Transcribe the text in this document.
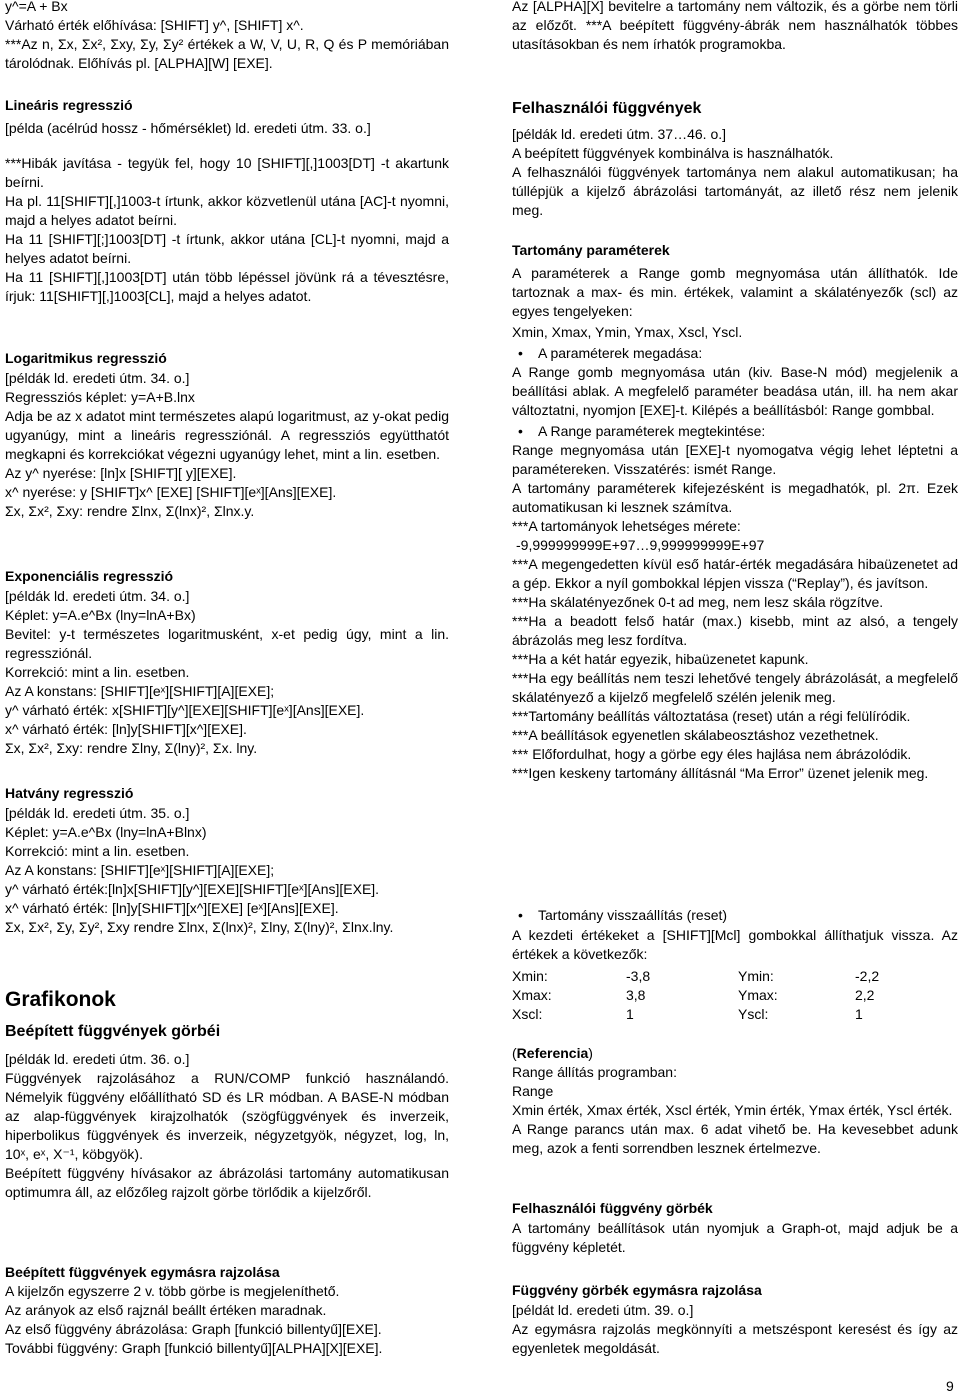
y^=A + Bx

Várható érték előhívása: [SHIFT] y^, [SHIFT] x^.

***Az n, Σx, Σx², Σxy, Σy, Σy² értékek a W, V, U, R, Q és P memóriában tárolódnak. Előhívás pl. [ALPHA][W] [EXE].

Lineáris regresszió

[példa (acélrúd hossz - hőmérséklet) ld. eredeti útm. 33. o.]

***Hibák javítása - tegyük fel, hogy 10 [SHIFT][,]1003[DT] -t akartunk beírni.

Ha pl. 11[SHIFT][,]1003-t írtunk, akkor közvetlenül utána [AC]-t nyomni, majd a helyes adatot beírni.

Ha 11 [SHIFT][;]1003[DT] -t írtunk, akkor utána [CL]-t nyomni, majd a helyes adatot beírni.

Ha 11 [SHIFT][,]1003[DT] után több lépéssel jövünk rá a tévesztésre, írjuk: 11[SHIFT][,]1003[CL], majd a helyes adatot.

Logaritmikus regresszió

[példák ld. eredeti útm. 34. o.]

Regressziós képlet: y=A+B.lnx

Adja be az x adatot mint természetes alapú logaritmust, az y-okat pedig ugyanúgy, mint a lineáris regressziónál. A regressziós együtthatót megkapni és korrekciókat végezni ugyanúgy lehet, mint a lin. esetben.

Az y^ nyerése: [ln]x [SHIFT][ y][EXE].

x^ nyerése: y [SHIFT]x^ [EXE] [SHIFT][eˣ][Ans][EXE].

Σx, Σx², Σxy: rendre Σlnx, Σ(lnx)², Σlnx.y.

Exponenciális regresszió

[példák ld. eredeti útm. 34. o.]

Képlet: y=A.e^Bx (lny=lnA+Bx)

Bevitel: y-t természetes logaritmusként, x-et pedig úgy, mint a lin. regressziónál.

Korrekció: mint a lin. esetben.

Az A konstans: [SHIFT][eˣ][SHIFT][A][EXE];

y^ várható érték: x[SHIFT][y^][EXE][SHIFT][eˣ][Ans][EXE].

x^ várható érték: [ln]y[SHIFT][x^][EXE].

Σx, Σx², Σxy: rendre Σlny, Σ(lny)², Σx. lny.

Hatvány regresszió

[példák ld. eredeti útm. 35. o.]

Képlet: y=A.e^Bx (lny=lnA+Blnx)

Korrekció: mint a lin. esetben.

Az A konstans: [SHIFT][eˣ][SHIFT][A][EXE];

y^ várható érték:[ln]x[SHIFT][y^][EXE][SHIFT][eˣ][Ans][EXE].

x^ várható érték: [ln]y[SHIFT][x^][EXE] [eˣ][Ans][EXE].

Σx, Σx², Σy, Σy², Σxy rendre Σlnx, Σ(lnx)², Σlny, Σ(lny)², Σlnx.lny.

Grafikonok

Beépített függvények görbéi

[példák ld. eredeti útm. 36. o.]

Függvények rajzolásához a RUN/COMP funkció használandó. Némelyik függvény előállítható SD és LR módban. A BASE-N módban az alap-függvények kirajzolhatók (szögfüggvények és inverzeik, hiperbolikus függvények és inverzeik, négyzetgyök, négyzet, log, ln, 10ˣ, eˣ, X⁻¹, köbgyök).

Beépített függvény hívásakor az ábrázolási tartomány automatikusan optimumra áll, az előzőleg rajzolt görbe törlődik a kijelzőről.

Beépített függvények egymásra rajzolása

A kijelzőn egyszerre 2 v. több görbe is megjeleníthető.

Az arányok az első rajznál beállt értéken maradnak.

Az első függvény ábrázolása: Graph [funkció billentyű][EXE].

További függvény: Graph [funkció billentyű][ALPHA][X][EXE].

Az [ALPHA][X] bevitelre a tartomány nem változik, és a görbe nem törli az előzőt. ***A beépített függvény-ábrák nem használhatók többes utasításokban és nem írhatók programokba.

Felhasználói függvények

[példák ld. eredeti útm. 37…46. o.]

A beépített függvények kombinálva is használhatók.

A felhasználói függvények tartománya nem alakul automatikusan; ha túllépjük a kijelző ábrázolási tartományát, az illető rész nem jelenik meg.

Tartomány paraméterek

A paraméterek a Range gomb megnyomása után állíthatók. Ide tartoznak a max- és min. értékek, valamint a skálatényezők (scl) az egyes tengelyeken:

Xmin, Xmax, Ymin, Ymax, Xscl, Yscl.

• A paraméterek megadása:

A Range gomb megnyomása után (kiv. Base-N mód) megjelenik a beállítási ablak. A megfelelő paraméter beadása után, ill. ha nem akar változtatni, nyomjon [EXE]-t. Kilépés a beállításból: Range gombbal.

• A Range paraméterek megtekintése:

Range megnyomása után [EXE]-t nyomogatva végig lehet léptetni a paramétereken. Visszatérés: ismét Range.

A tartomány paraméterek kifejezésként is megadhatók, pl. 2π. Ezek automatikusan ki lesznek számítva.

***A tartományok lehetséges mérete:

-9,999999999E+97…9,999999999E+97

***A megengedetten kívül eső határ-érték megadására hibaüzenetet ad a gép. Ekkor a nyíl gombokkal lépjen vissza (“Replay”), és javítson.

***Ha skálatényezőnek 0-t ad meg, nem lesz skála rögzítve.

***Ha a beadott felső határ (max.) kisebb, mint az alsó, a tengely ábrázolás meg lesz fordítva.

***Ha a két határ egyezik, hibaüzenetet kapunk.

***Ha egy beállítás nem teszi lehetővé tengely ábrázolását, a megfelelő skálatényező a kijelző megfelelő szélén jelenik meg.

***Tartomány beállítás változtatása (reset) után a régi felülíródik.

***A beállítások egyenetlen skálabeosztáshoz vezethetnek.

*** Előfordulhat, hogy a görbe egy éles hajlása nem ábrázolódik.

***Igen keskeny tartomány állításnál “Ma Error” üzenet jelenik meg.

• Tartomány visszaállítás (reset)

A kezdeti értékeket a [SHIFT][Mcl] gombokkal állíthatjuk vissza. Az értékek a következők:

Xmin:	-3,8	Ymin:	-2,2
Xmax:	3,8	Ymax:	2,2
Xscl:	1	Yscl:	1

(Referencia)

Range állítás programban:

Range

Xmin érték, Xmax érték, Xscl érték, Ymin érték, Ymax érték, Yscl érték.

A Range parancs után max. 6 adat vihető be. Ha kevesebbet adunk meg, azok a fenti sorrendben lesznek értelmezve.

Felhasználói függvény görbék

A tartomány beállítások után nyomjuk a Graph-ot, majd adjuk be a függvény képletét.

Függvény görbék egymásra rajzolása

[példát ld. eredeti útm. 39. o.]

Az egymásra rajzolás megkönnyíti a metszéspont keresést és így az egyenletek megoldását.

9
